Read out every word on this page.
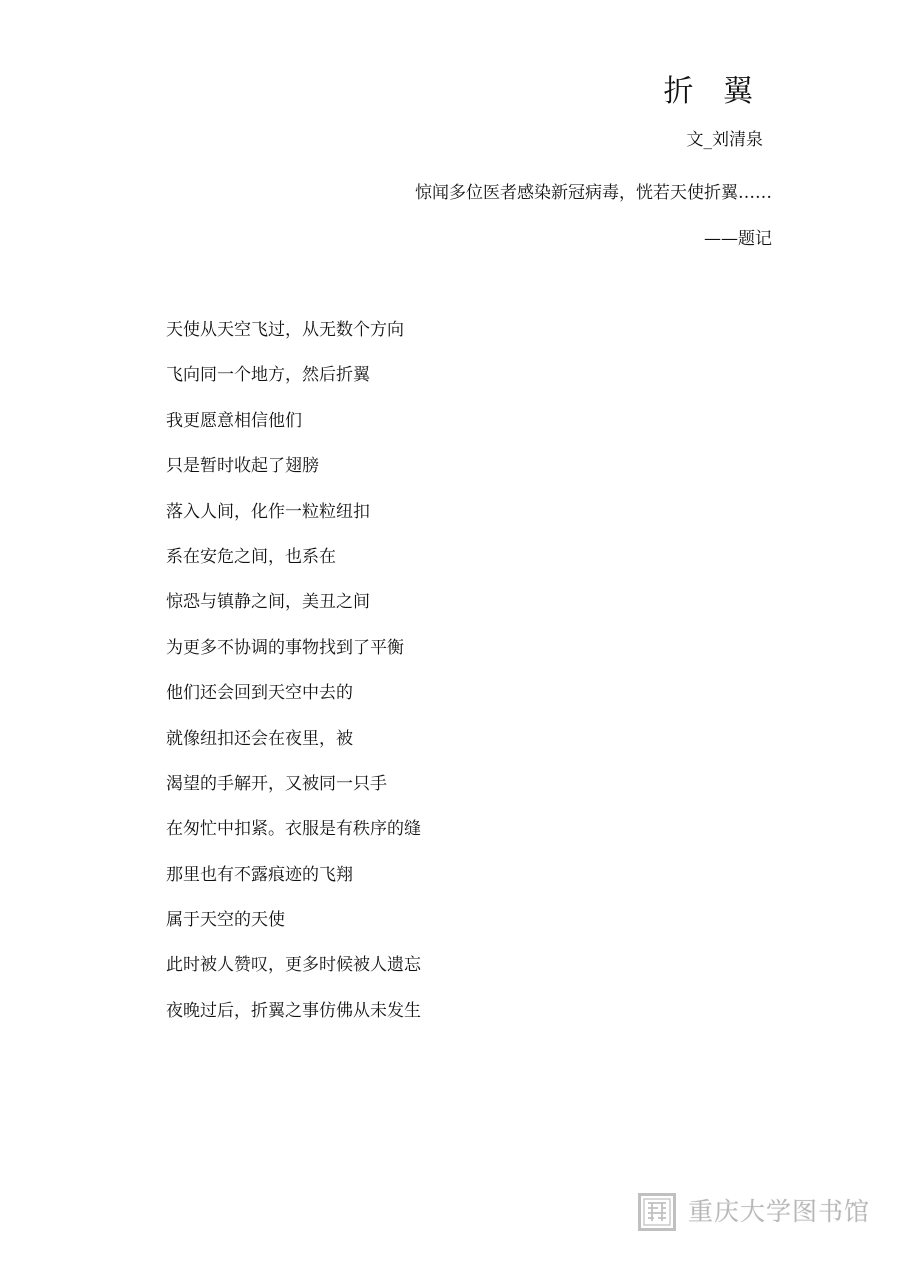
折 翼
文_刘清泉
惊闻多位医者感染新冠病毒，恍若天使折翼……
——题记
天使从天空飞过，从无数个方向
飞向同一个地方，然后折翼
我更愿意相信他们
只是暂时收起了翅膀
落入人间，化作一粒粒纽扣
系在安危之间，也系在
惊恐与镇静之间，美丑之间
为更多不协调的事物找到了平衡
他们还会回到天空中去的
就像纽扣还会在夜里，被
渴望的手解开，又被同一只手
在匆忙中扣紧。衣服是有秩序的缝
那里也有不露痕迹的飞翔
属于天空的天使
此时被人赞叹，更多时候被人遗忘
夜晚过后，折翼之事仿佛从未发生
重庆大学图书馆
